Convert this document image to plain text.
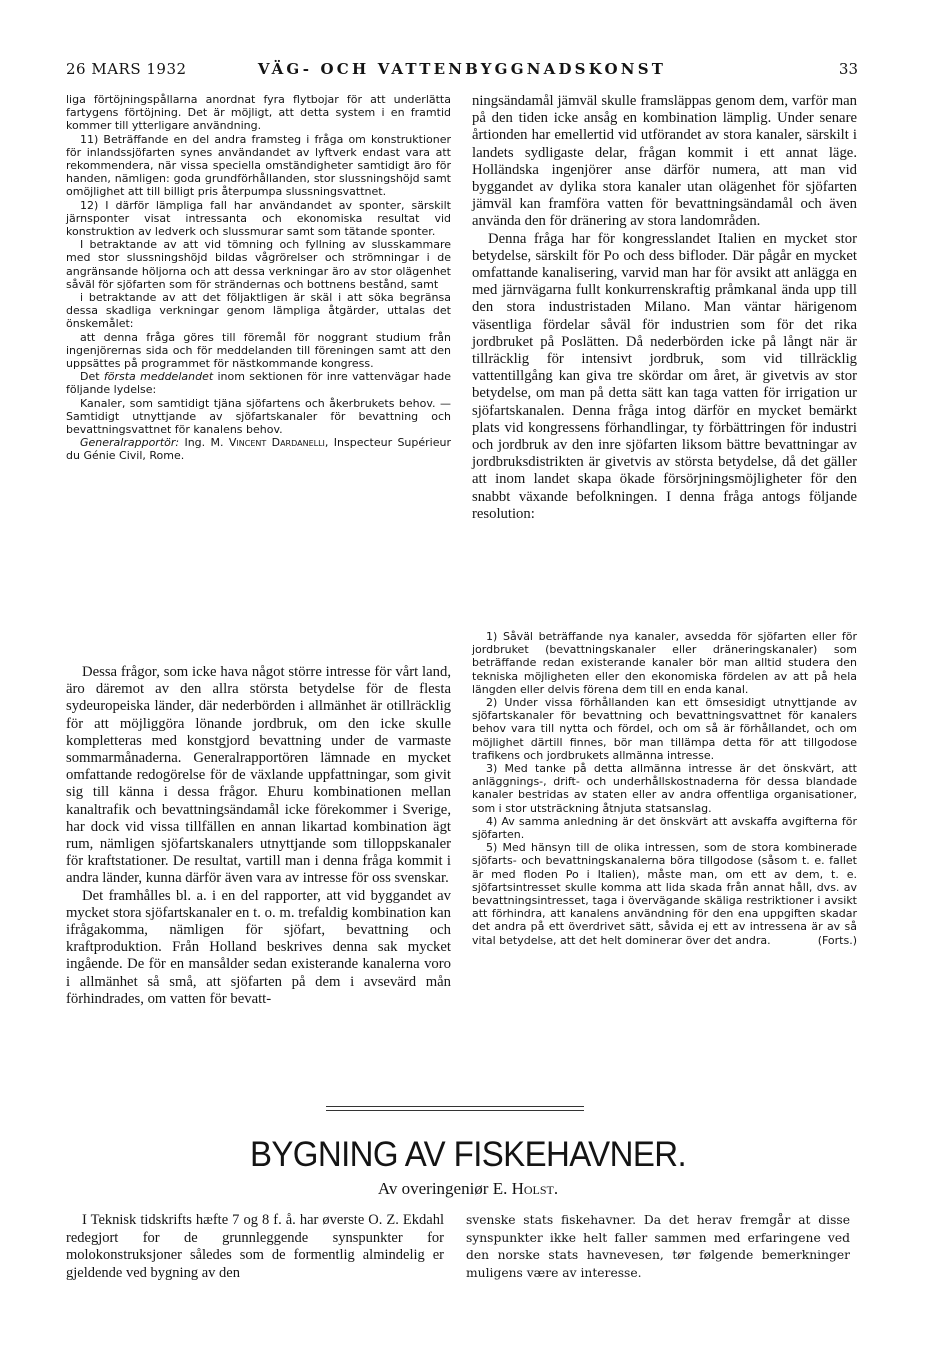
26 MARS 1932	VÄG- OCH VATTENBYGGNADSKONST	33

liga förtöjningspållarna anordnat fyra flytbojar för att underlätta fartygens förtöjning. Det är möjligt, att detta system i en framtid kommer till ytterligare användning.

11) Beträffande en del andra framsteg i fråga om konstruktioner för inlandssjöfarten synes användandet av lyftverk endast vara att rekommendera, när vissa speciella omständigheter samtidigt äro för handen, nämligen: goda grundförhållanden, stor slussningshöjd samt omöjlighet att till billigt pris återpumpa slussningsvattnet.

12) I därför lämpliga fall har användandet av sponter, särskilt järnsponter visat intressanta och ekonomiska resultat vid konstruktion av ledverk och slussmurar samt som tätande sponter.

I betraktande av att vid tömning och fyllning av slusskammare med stor slussningshöjd bildas vågrörelser och strömningar i de angränsande höljorna och att dessa verkningar äro av stor olägenhet såväl för sjöfarten som för strändernas och bottnens bestånd, samt

i betraktande av att det följaktligen är skäl i att söka begränsa dessa skadliga verkningar genom lämpliga åtgärder, uttalas det önskemålet:

att denna fråga göres till föremål för noggrant studium från ingenjörernas sida och för meddelanden till föreningen samt att den uppsättes på programmet för nästkommande kongress.

Det första meddelandet inom sektionen för inre vattenvägar hade följande lydelse:

Kanaler, som samtidigt tjäna sjöfartens och åkerbrukets behov. — Samtidigt utnyttjande av sjöfartskanaler för bevattning och bevattningsvattnet för kanalens behov.

Generalrapportör: Ing. M. Vincent Dardanelli, Inspecteur Supérieur du Génie Civil, Rome.

Dessa frågor, som icke hava något större intresse för vårt land, äro däremot av den allra största betydelse för de flesta sydeuropeiska länder, där nederbörden i allmänhet är otillräcklig för att möjliggöra lönande jordbruk, om den icke skulle kompletteras med konstgjord bevattning under de varmaste sommarmånaderna. Generalrapportören lämnade en mycket omfattande redogörelse för de växlande uppfattningar, som givit sig till känna i dessa frågor. Ehuru kombinationen mellan kanaltrafik och bevattningsändamål icke förekommer i Sverige, har dock vid vissa tillfällen en annan likartad kombination ägt rum, nämligen sjöfartskanalers utnyttjande som tilloppskanaler för kraftstationer. De resultat, vartill man i denna fråga kommit i andra länder, kunna därför även vara av intresse för oss svenskar.

Det framhålles bl. a. i en del rapporter, att vid byggandet av mycket stora sjöfartskanaler en t. o. m. trefaldig kombination kan ifrågakomma, nämligen för sjöfart, bevattning och kraftproduktion. Från Holland beskrives denna sak mycket ingående. De för en mansålder sedan existerande kanalerna voro i allmänhet så små, att sjöfarten på dem i avsevärd mån förhindrades, om vatten för bevatt-

ningsändamål jämväl skulle framsläppas genom dem, varför man på den tiden icke ansåg en kombination lämplig. Under senare årtionden har emellertid vid utförandet av stora kanaler, särskilt i landets sydligaste delar, frågan kommit i ett annat läge. Holländska ingenjörer anse därför numera, att man vid byggandet av dylika stora kanaler utan olägenhet för sjöfarten jämväl kan framföra vatten för bevattningsändamål och även använda den för dränering av stora landområden.

Denna fråga har för kongresslandet Italien en mycket stor betydelse, särskilt för Po och dess bifloder. Där pågår en mycket omfattande kanalisering, varvid man har för avsikt att anlägga en med järnvägarna fullt konkurrenskraftig pråmkanal ända upp till den stora industristaden Milano. Man väntar härigenom väsentliga fördelar såväl för industrien som för det rika jordbruket på Poslätten. Då nederbörden icke på långt när är tillräcklig för intensivt jordbruk, som vid tillräcklig vattentillgång kan giva tre skördar om året, är givetvis av stor betydelse, om man på detta sätt kan taga vatten för irrigation ur sjöfartskanalen. Denna fråga intog därför en mycket bemärkt plats vid kongressens förhandlingar, ty förbättringen för industri och jordbruk av den inre sjöfarten liksom bättre bevattningar av jordbruksdistrikten är givetvis av största betydelse, då det gäller att inom landet skapa ökade försörjningsmöjligheter för den snabbt växande befolkningen. I denna fråga antogs följande resolution:

1) Såväl beträffande nya kanaler, avsedda för sjöfarten eller för jordbruket (bevattningskanaler eller dräneringskanaler) som beträffande redan existerande kanaler bör man alltid studera den tekniska möjligheten eller den ekonomiska fördelen av att på hela längden eller delvis förena dem till en enda kanal.

2) Under vissa förhållanden kan ett ömsesidigt utnyttjande av sjöfartskanaler för bevattning och bevattningsvattnet för kanalers behov vara till nytta och fördel, och om så är förhållandet, och om möjlighet därtill finnes, bör man tillämpa detta för att tillgodose trafikens och jordbrukets allmänna intresse.

3) Med tanke på detta allmänna intresse är det önskvärt, att anläggnings-, drift- och underhållskostnaderna för dessa blandade kanaler bestridas av staten eller av andra offentliga organisationer, som i stor utsträckning åtnjuta statsanslag.

4) Av samma anledning är det önskvärt att avskaffa avgifterna för sjöfarten.

5) Med hänsyn till de olika intressen, som de stora kombinerade sjöfarts- och bevattningskanalerna böra tillgodose (såsom t. e. fallet är med floden Po i Italien), måste man, om ett av dem, t. e. sjöfartsintresset skulle komma att lida skada från annat håll, dvs. av bevattningsintresset, taga i övervägande skäliga restriktioner i avsikt att förhindra, att kanalens användning för den ena uppgiften skadar det andra på ett överdrivet sätt, såvida ej ett av intressena är av så vital betydelse, att det helt dominerar över det andra.	(Forts.)

BYGNING AV FISKEHAVNER.
Av overingeniør E. Holst.

I Teknisk tidskrifts hæfte 7 og 8 f. å. har øverste O. Z. Ekdahl redegjort for de grunnleggende synspunkter for molokonstruksjoner således som de formentlig almindelig er gjeldende ved bygning av den

svenske stats fiskehavner. Da det herav fremgår at disse synspunkter ikke helt faller sammen med erfaringene ved den norske stats havnevesen, tør følgende bemerkninger muligens være av interesse.
